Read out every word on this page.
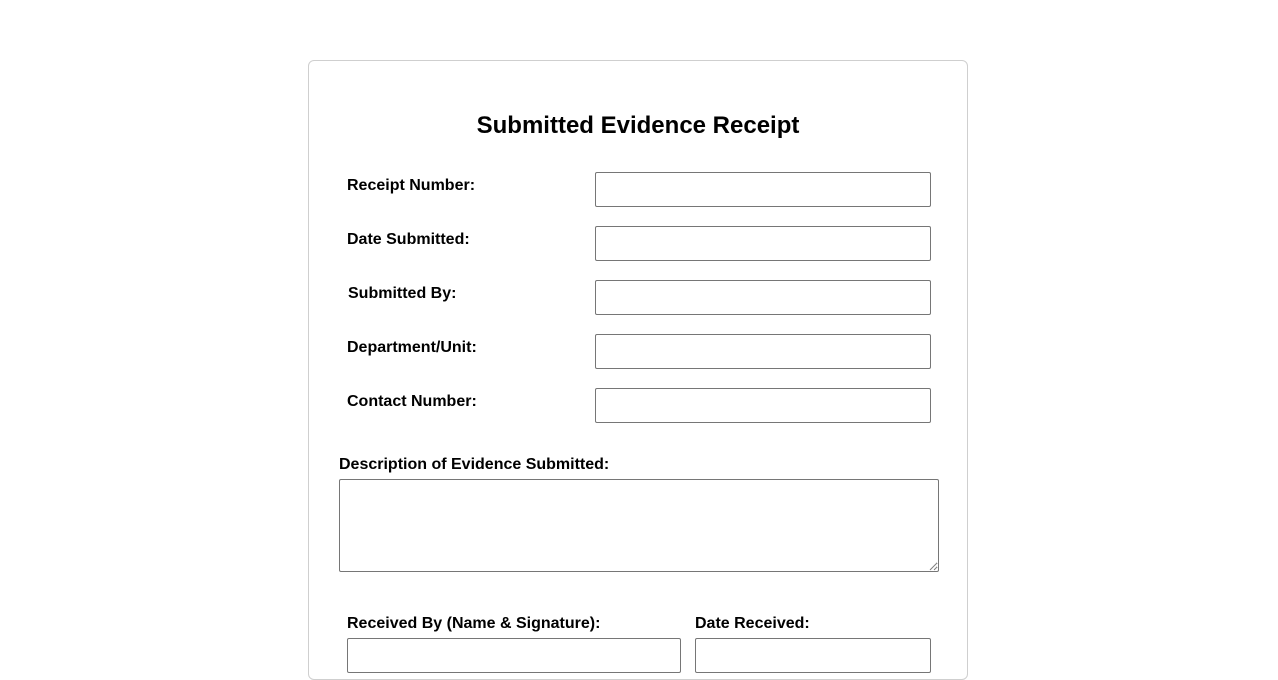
Submitted Evidence Receipt
Receipt Number:
Date Submitted:
Submitted By:
Department/Unit:
Contact Number:
Description of Evidence Submitted:
Received By (Name & Signature):	Date Received:
